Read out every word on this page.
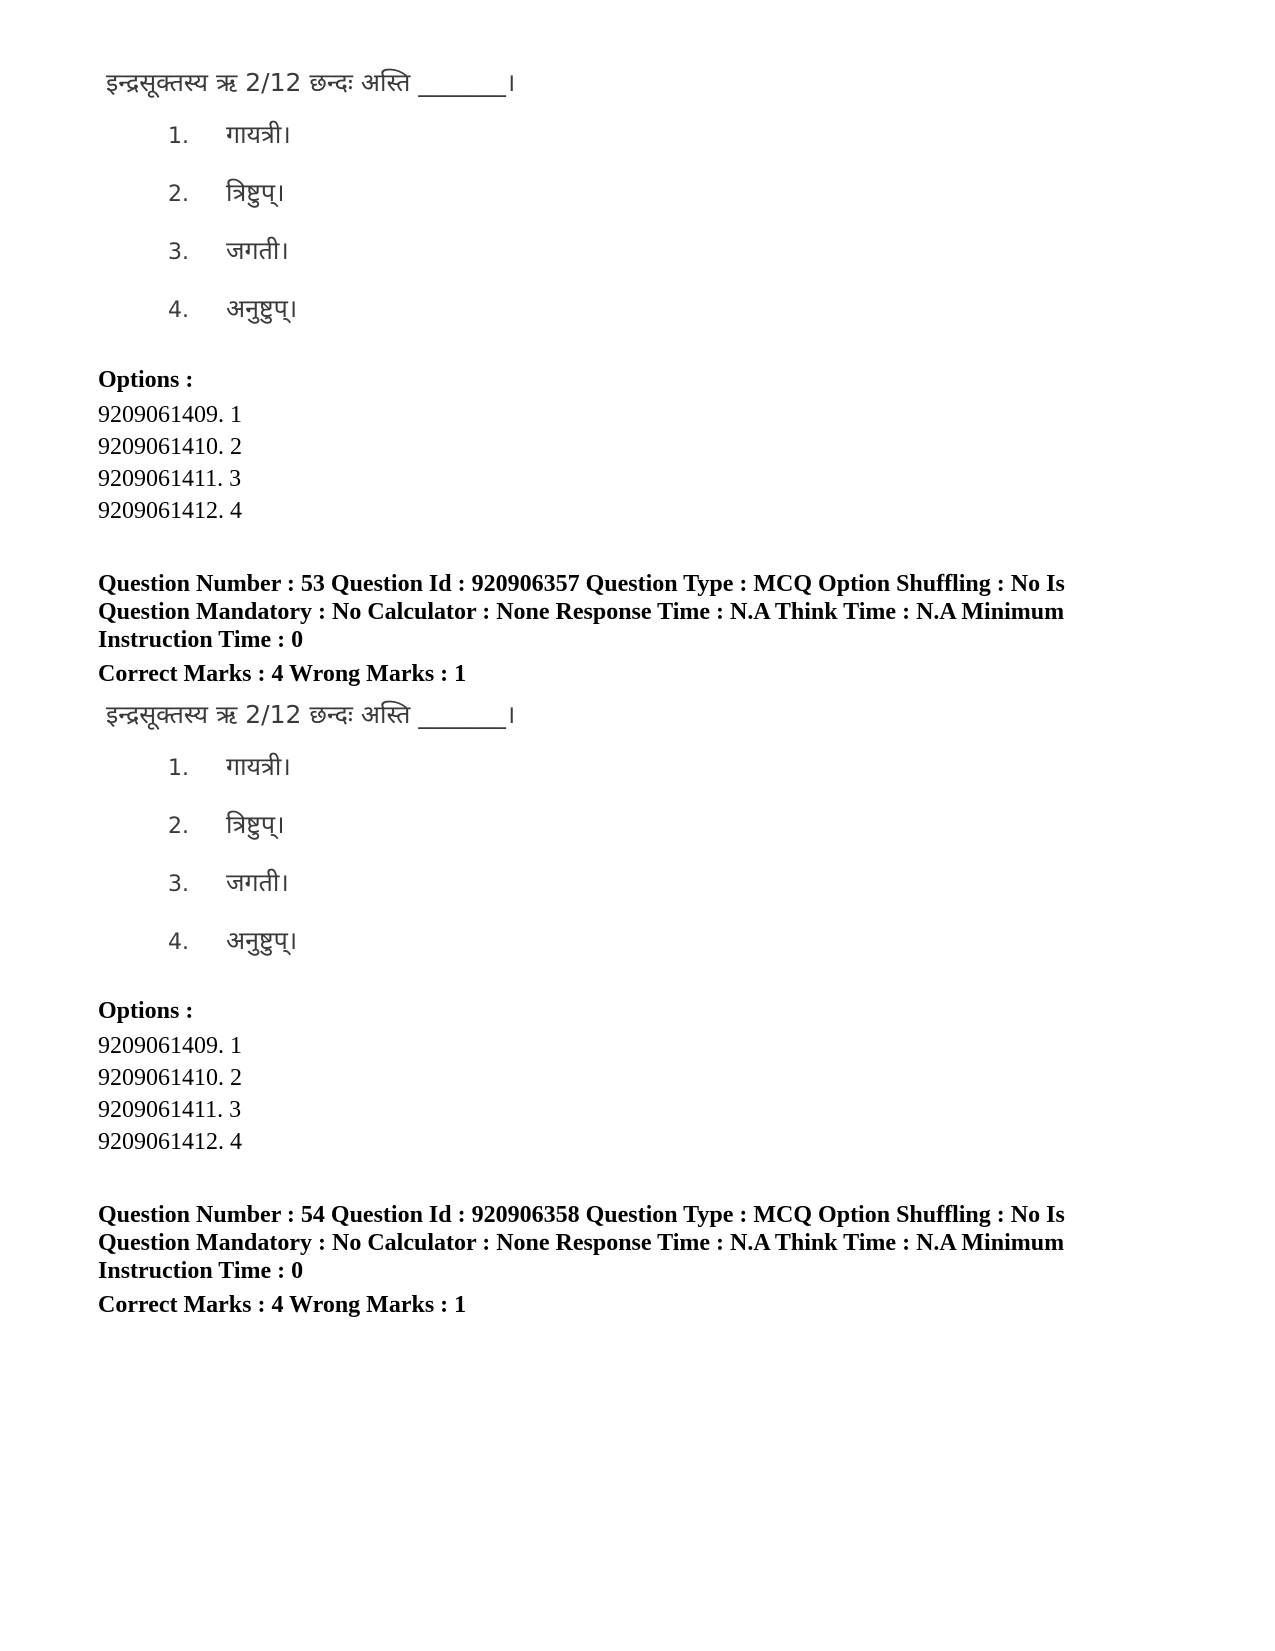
इन्द्रसूक्तस्य ऋ 2/12 छन्दः अस्ति _______।
1.	गायत्री।
2.	त्रिष्टुप्।
3.	जगती।
4.	अनुष्टुप्।
Options :
9209061409. 1
9209061410. 2
9209061411. 3
9209061412. 4
Question Number : 53 Question Id : 920906357 Question Type : MCQ Option Shuffling : No Is
Question Mandatory : No Calculator : None Response Time : N.A Think Time : N.A Minimum
Instruction Time : 0
Correct Marks : 4 Wrong Marks : 1
इन्द्रसूक्तस्य ऋ 2/12 छन्दः अस्ति _______।
1.	गायत्री।
2.	त्रिष्टुप्।
3.	जगती।
4.	अनुष्टुप्।
Options :
9209061409. 1
9209061410. 2
9209061411. 3
9209061412. 4
Question Number : 54 Question Id : 920906358 Question Type : MCQ Option Shuffling : No Is
Question Mandatory : No Calculator : None Response Time : N.A Think Time : N.A Minimum
Instruction Time : 0
Correct Marks : 4 Wrong Marks : 1
